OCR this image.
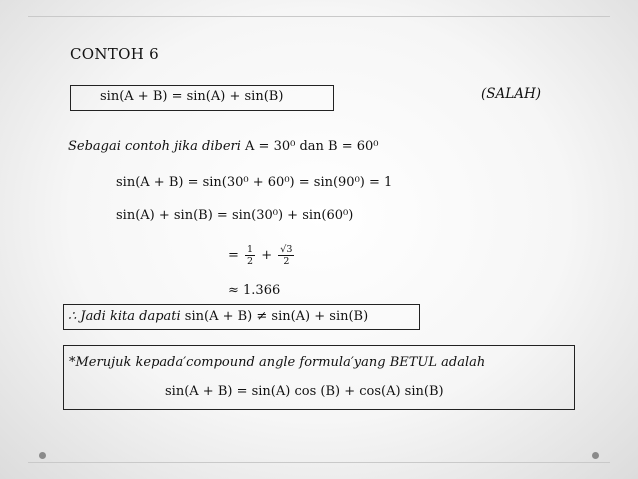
CONTOH 6
sin(A + B) = sin(A) + sin(B)	(SALAH)
Sebagai contoh jika diberi A = 30⁰ dan B = 60⁰
sin(A + B) = sin(30⁰ + 60⁰) = sin(90⁰) = 1
sin(A) + sin(B) = sin(30⁰) + sin(60⁰)
= $\frac{1}{2} + \frac{√3}{2}$
≈ 1.366
∴ Jadi kita dapati sin(A + B) ≠ sin(A) + sin(B)
*Merujuk kepada′compound angle formula′yang BETUL adalah
sin(A + B) = sin(A) cos (B) + cos(A) sin(B)
